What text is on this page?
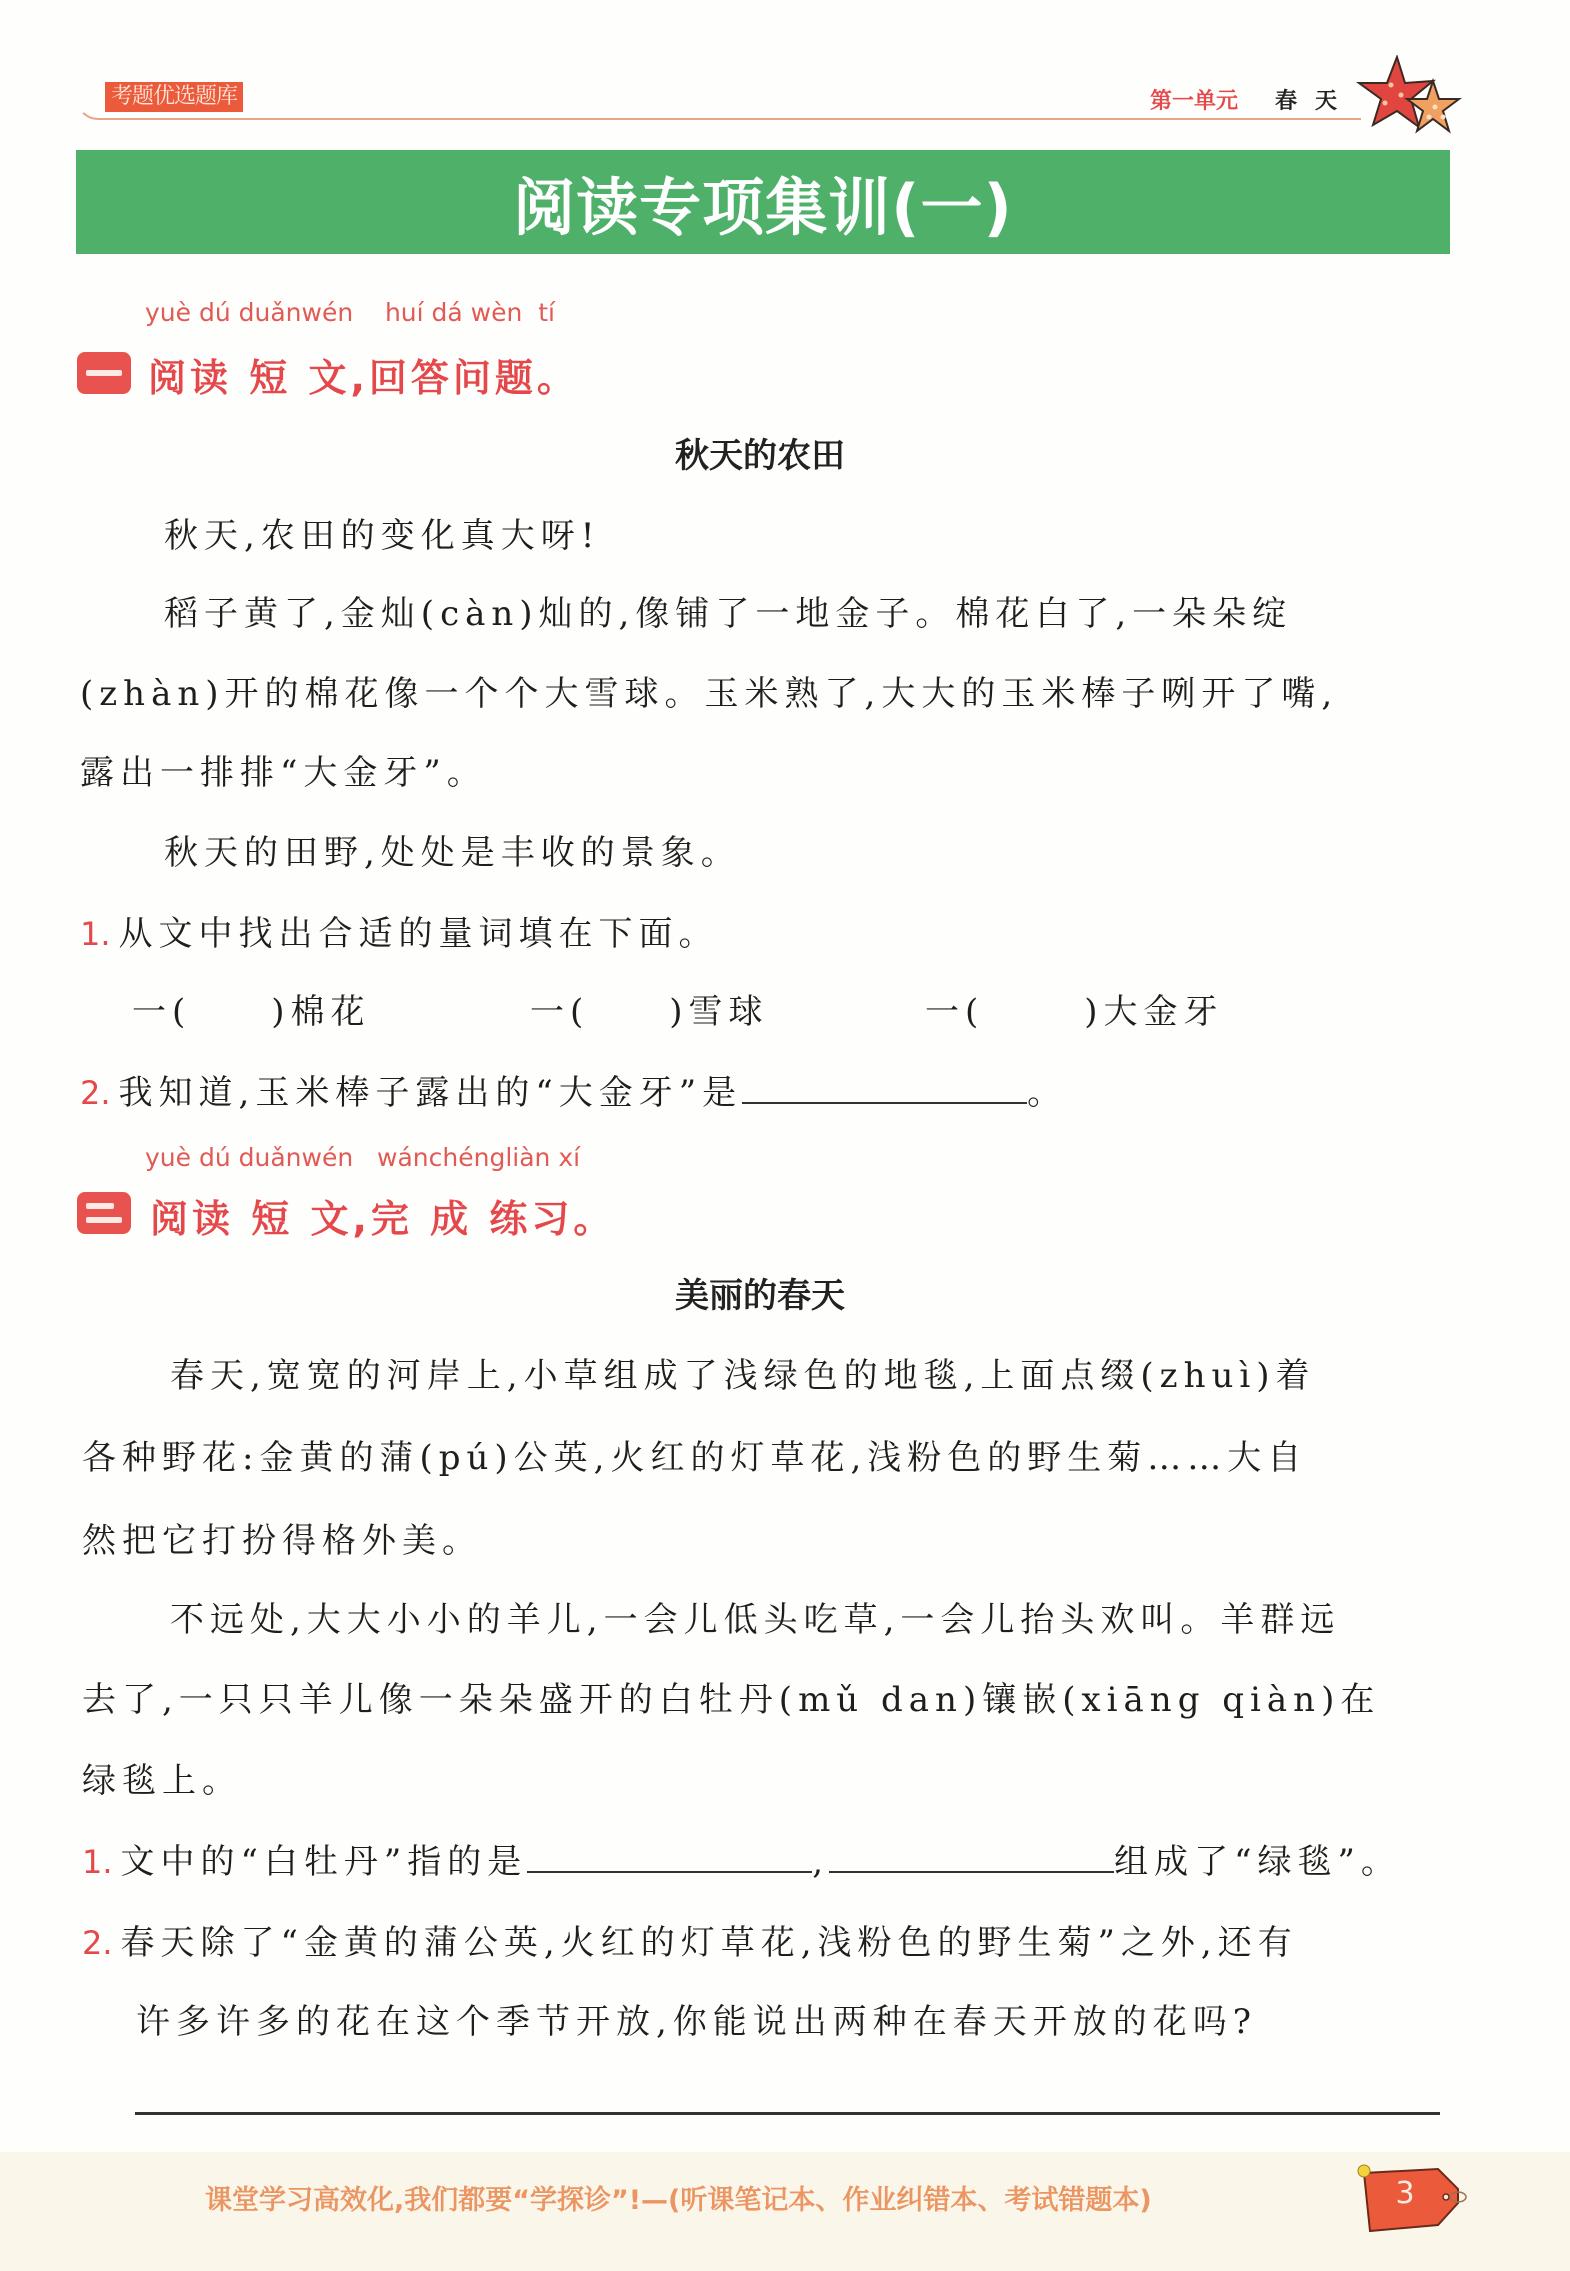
考题优选题库	第一单元 春天
阅读专项集训(一)
yuè dú duǎnwén    huí dá wèn  tí
阅读 短 文,回答问题。
秋天的农田
秋天,农田的变化真大呀!
稻子黄了,金灿(càn)灿的,像铺了一地金子。棉花白了,一朵朵绽
(zhàn)开的棉花像一个个大雪球。玉米熟了,大大的玉米棒子咧开了嘴,
露出一排排“大金牙”。
秋天的田野,处处是丰收的景象。
1. 从文中找出合适的量词填在下面。
一( )棉花	一( )雪球	一(	)大金牙
2. 我知道,玉米棒子露出的“大金牙”是	。
yuè dú duǎnwén   wánchéngliàn xí
阅读 短 文,完 成 练习。
美丽的春天
春天,宽宽的河岸上,小草组成了浅绿色的地毯,上面点缀(zhuì)着
各种野花:金黄的蒲(pú)公英,火红的灯草花,浅粉色的野生菊……大自
然把它打扮得格外美。
不远处,大大小小的羊儿,一会儿低头吃草,一会儿抬头欢叫。羊群远
去了,一只只羊儿像一朵朵盛开的白牡丹(mǔ dan)镶嵌(xiāng qiàn)在
绿毯上。
1. 文中的“白牡丹”指的是	,	组成了“绿毯”。
2. 春天除了“金黄的蒲公英,火红的灯草花,浅粉色的野生菊”之外,还有
许多许多的花在这个季节开放,你能说出两种在春天开放的花吗?
课堂学习高效化,我们都要“学探诊”!—(听课笔记本、作业纠错本、考试错题本)	3
